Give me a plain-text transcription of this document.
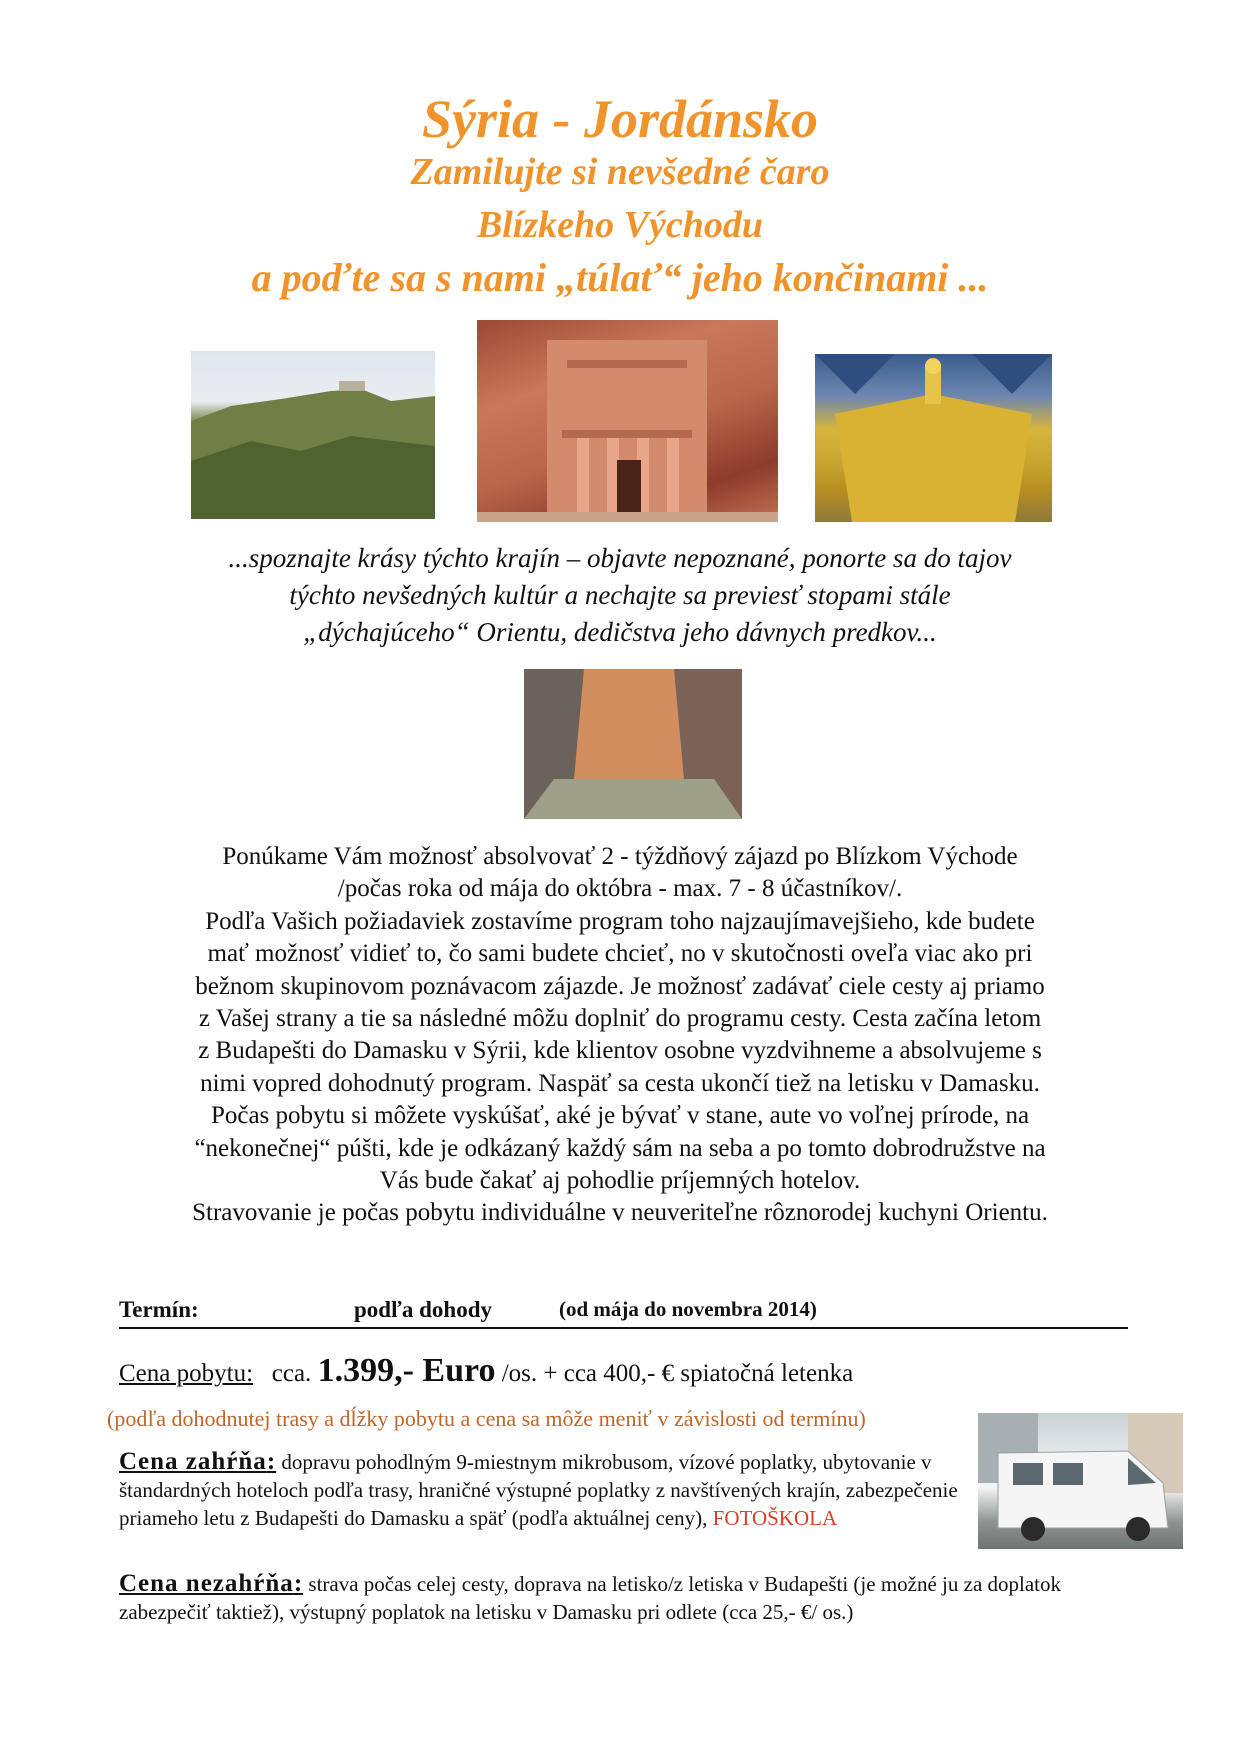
Sýria - Jordánsko
Zamilujte si nevšedné čaro
Blízkeho Východu
a poďte sa s nami „túlať“ jeho končinami ...
...spoznajte krásy týchto krajín – objavte nepoznané, ponorte sa do tajov
týchto nevšedných kultúr a nechajte sa previesť stopami stále
„dýchajúceho“ Orientu, dedičstva jeho dávnych predkov...
Ponúkame Vám možnosť absolvovať 2 - týždňový zájazd po Blízkom Východe
/počas roka od mája do októbra - max. 7 - 8 účastníkov/.
Podľa Vašich požiadaviek zostavíme program toho najzaujímavejšieho, kde budete
mať možnosť vidieť to, čo sami budete chcieť, no v skutočnosti oveľa viac ako pri
bežnom skupinovom poznávacom zájazde. Je možnosť zadávať ciele cesty aj priamo
z Vašej strany a tie sa následné môžu doplniť do programu cesty. Cesta začína letom
z Budapešti do Damasku v Sýrii, kde klientov osobne vyzdvihneme a absolvujeme s
nimi vopred dohodnutý program. Naspäť sa cesta ukončí tiež na letisku v Damasku.
Počas pobytu si môžete vyskúšať, aké je bývať v stane, aute vo voľnej prírode, na
“nekonečnej“ púšti, kde je odkázaný každý sám na seba a po tomto dobrodružstve na
Vás bude čakať aj pohodlie príjemných hotelov.
Stravovanie je počas pobytu individuálne v neuveriteľne rôznorodej kuchyni Orientu.
Termín:	podľa dohody	(od mája do novembra 2014)
Cena pobytu: cca. 1.399,- Euro /os. + cca 400,- € spiatočná letenka
(podľa dohodnutej trasy a dĺžky pobytu a cena sa môže meniť v závislosti od termínu)
Cena zahŕňa: dopravu pohodlným 9-miestnym mikrobusom, vízové poplatky, ubytovanie v štandardných hoteloch podľa trasy, hraničné výstupné poplatky z navštívených krajín, zabezpečenie priameho letu z Budapešti do Damasku a späť (podľa aktuálnej ceny), FOTOŠKOLA
Cena nezahŕňa: strava počas celej cesty, doprava na letisko/z letiska v Budapešti (je možné ju za doplatok zabezpečiť taktiež), výstupný poplatok na letisku v Damasku pri odlete (cca 25,- €/ os.)
